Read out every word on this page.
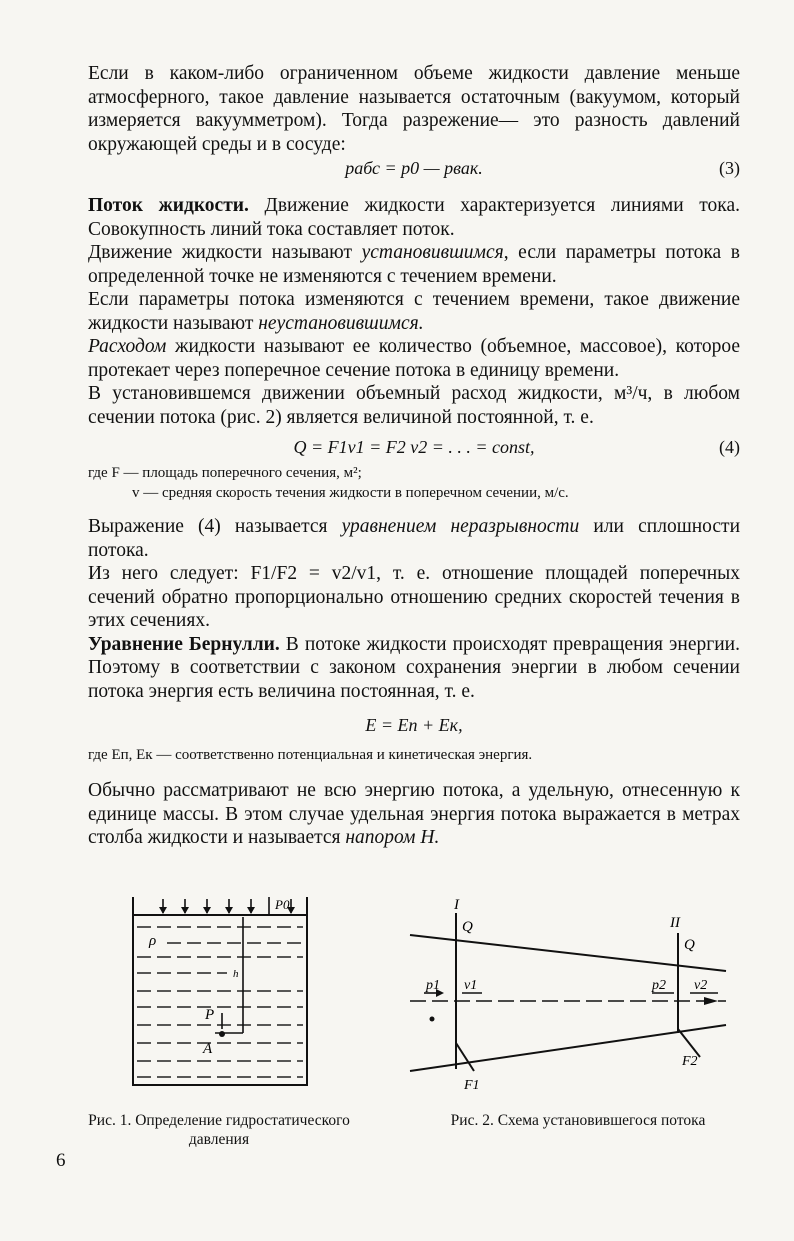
Если в каком-либо ограниченном объеме жидкости давление меньше атмосферного, такое давление называется остаточным (вакуумом, который измеряется вакуумметром). Тогда разрежение— это разность давлений окружающей среды и в сосуде:

pабс = p0 — pвак.	(3)

Поток жидкости. Движение жидкости характеризуется линиями тока. Совокупность линий тока составляет поток.

Движение жидкости называют установившимся, если параметры потока в определенной точке не изменяются с течением времени.

Если параметры потока изменяются с течением времени, такое движение жидкости называют неустановившимся.

Расходом жидкости называют ее количество (объемное, массовое), которое протекает через поперечное сечение потока в единицу времени.

В установившемся движении объемный расход жидкости, м³/ч, в любом сечении потока (рис. 2) является величиной постоянной, т. е.

Q = F1v1 = F2 v2 = . . . = const,	(4)

где F — площадь поперечного сечения, м²;

v — средняя скорость течения жидкости в поперечном сечении, м/с.

Выражение (4) называется уравнением неразрывности или сплошности потока.

Из него следует: F1/F2 = v2/v1, т. е. отношение площадей поперечных сечений обратно пропорционально отношению средних скоростей течения в этих сечениях.

Уравнение Бернулли. В потоке жидкости происходят превращения энергии. Поэтому в соответствии с законом сохранения энергии в любом сечении потока энергия есть величина постоянная, т. е.

E = Eп + Eк,

где Eп, Eк — соответственно потенциальная и кинетическая энергия.

Обычно рассматривают не всю энергию потока, а удельную, отнесенную к единице массы. В этом случае удельная энергия потока выражается в метрах столба жидкости и называется напором H.

P0
ρ
P
h
A
Рис. 1. Определение гидростатического давления
I
II
Q
Q
p1 v1	p2 v2
F1
F2
Рис. 2. Схема установившегося потока
6
